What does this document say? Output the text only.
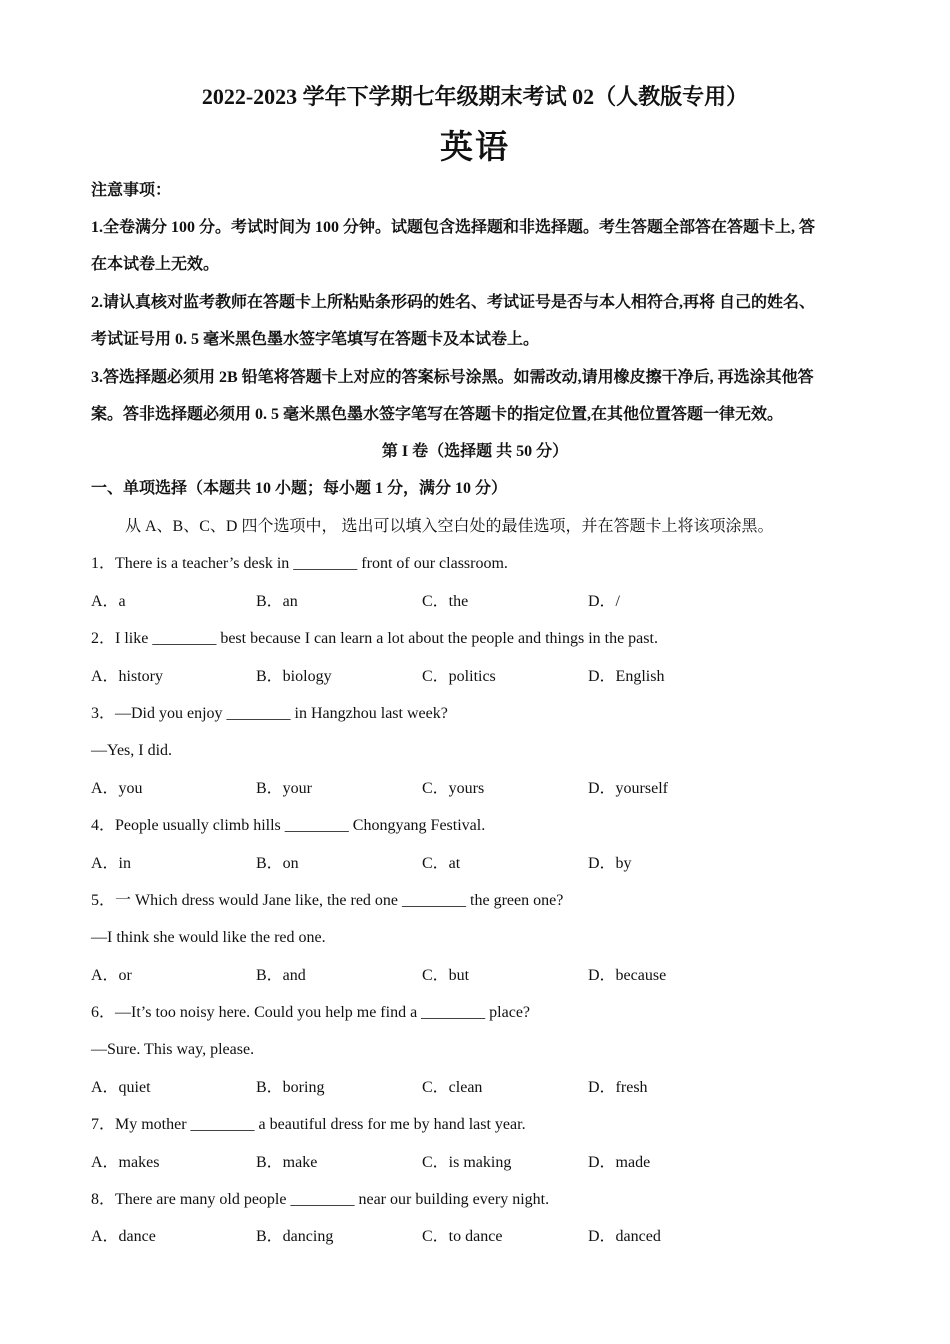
2022-2023 学年下学期七年级期末考试 02（人教版专用）
英语
注意事项：
1.全卷满分 100 分。考试时间为 100 分钟。试题包含选择题和非选择题。考生答题全部答在答题卡上, 答
在本试卷上无效。
2.请认真核对监考教师在答题卡上所粘贴条形码的姓名、考试证号是否与本人相符合,再将 自己的姓名、
考试证号用 0. 5 毫米黑色墨水签字笔填写在答题卡及本试卷上。
3.答选择题必须用 2B 铅笔将答题卡上对应的答案标号涂黑。如需改动,请用橡皮擦干净后, 再选涂其他答
案。答非选择题必须用 0. 5 毫米黑色墨水签字笔写在答题卡的指定位置,在其他位置答题一律无效。
第 I 卷（选择题 共 50 分）
一、单项选择（本题共 10 小题；每小题 1 分，满分 10 分）
从 A、B、C、D 四个选项中， 选出可以填入空白处的最佳选项，并在答题卡上将该项涂黑。
1．There is a teacher’s desk in ________ front of our classroom.
A．a	B．an	C．the	D．/
2．I like ________ best because I can learn a lot about the people and things in the past.
A．history	B．biology	C．politics	D．English
3．—Did you enjoy ________ in Hangzhou last week?
—Yes, I did.
A．you	B．your	C．yours	D．yourself
4．People usually climb hills ________ Chongyang Festival.
A．in	B．on	C．at	D．by
5．一 Which dress would Jane like, the red one ________ the green one?
—I think she would like the red one.
A．or	B．and	C．but	D．because
6．—It’s too noisy here. Could you help me find a ________ place?
—Sure. This way, please.
A．quiet	B．boring	C．clean	D．fresh
7．My mother ________ a beautiful dress for me by hand last year.
A．makes	B．make	C．is making	D．made
8．There are many old people ________ near our building every night.
A．dance	B．dancing	C．to dance	D．danced
